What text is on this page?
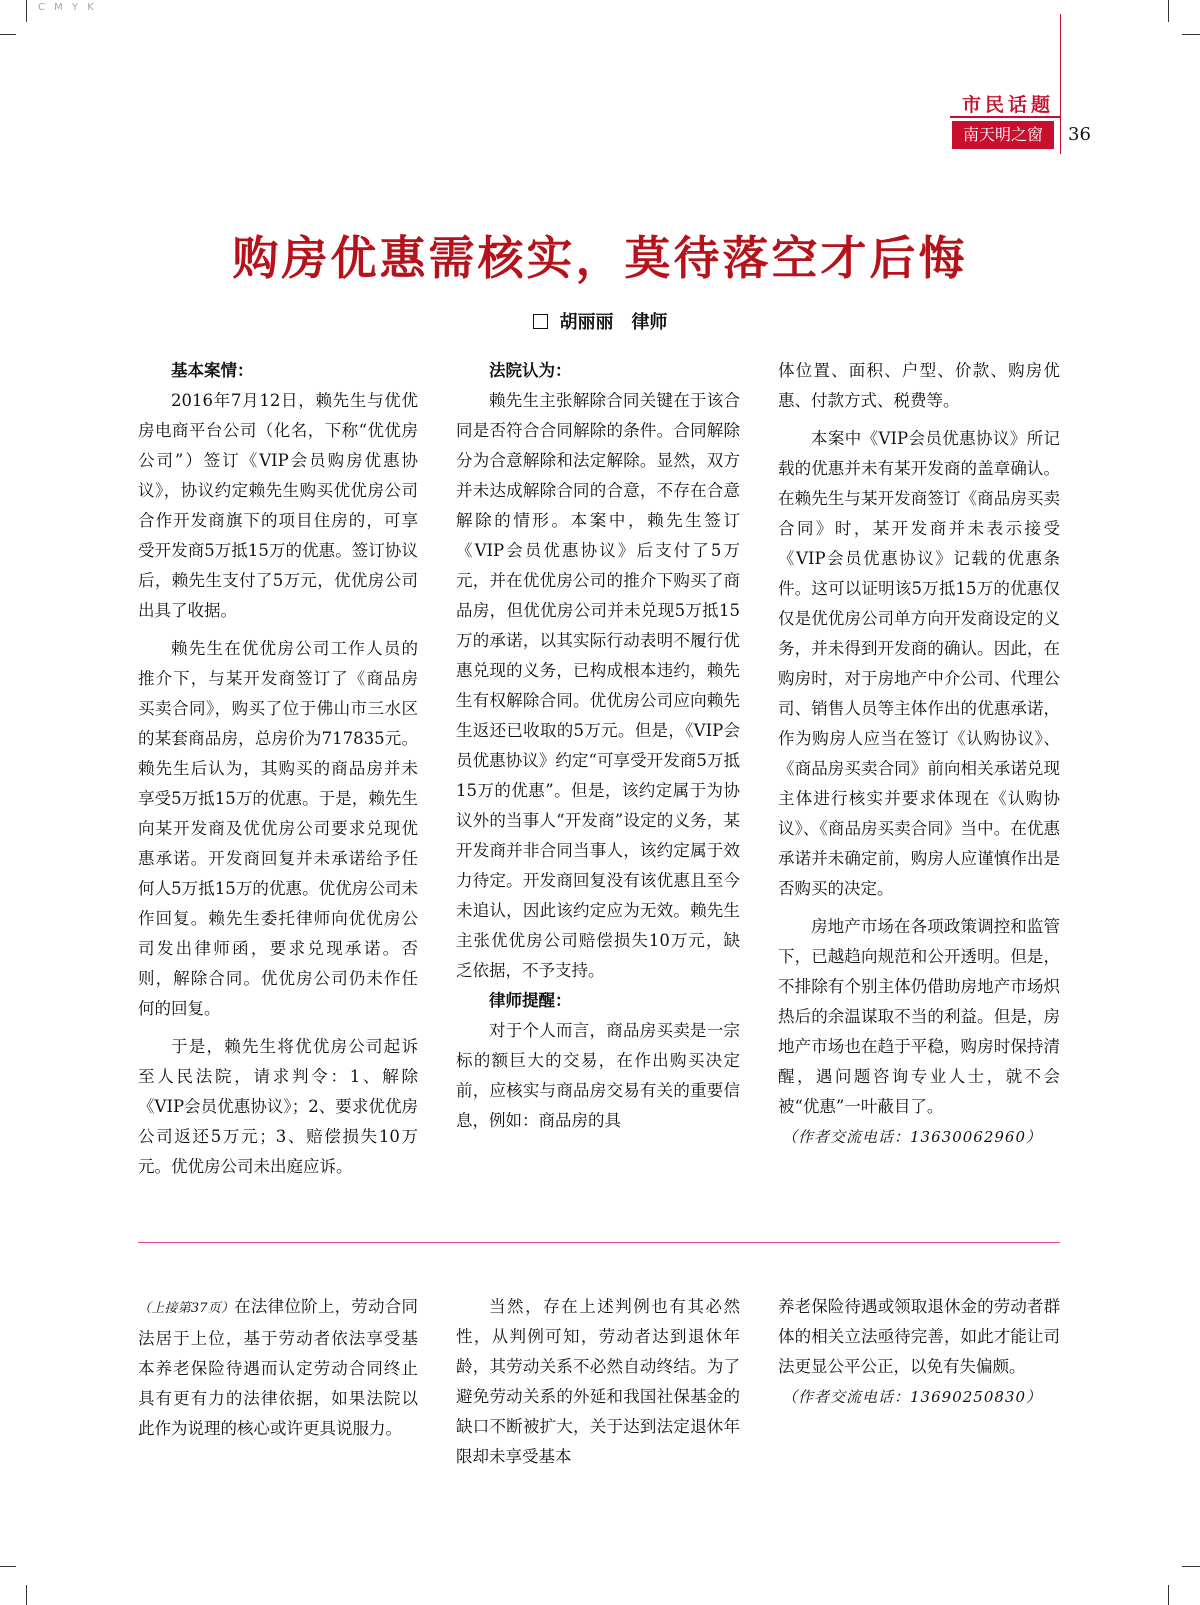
C M Y K
市民话题
南天明之窗	36
购房优惠需核实，莫待落空才后悔
胡丽丽　律师
基本案情：

2016年7月12日，赖先生与优优房电商平台公司（化名，下称“优优房公司”）签订《VIP会员购房优惠协议》，协议约定赖先生购买优优房公司合作开发商旗下的项目住房的，可享受开发商5万抵15万的优惠。签订协议后，赖先生支付了5万元，优优房公司出具了收据。

赖先生在优优房公司工作人员的推介下，与某开发商签订了《商品房买卖合同》，购买了位于佛山市三水区的某套商品房，总房价为717835元。赖先生后认为，其购买的商品房并未享受5万抵15万的优惠。于是，赖先生向某开发商及优优房公司要求兑现优惠承诺。开发商回复并未承诺给予任何人5万抵15万的优惠。优优房公司未作回复。赖先生委托律师向优优房公司发出律师函，要求兑现承诺。否则，解除合同。优优房公司仍未作任何的回复。

于是，赖先生将优优房公司起诉至人民法院，请求判令：1、解除《VIP会员优惠协议》；2、要求优优房公司返还5万元；3、赔偿损失10万元。优优房公司未出庭应诉。

法院认为：

赖先生主张解除合同关键在于该合同是否符合合同解除的条件。合同解除分为合意解除和法定解除。显然，双方并未达成解除合同的合意，不存在合意解除的情形。本案中，赖先生签订《VIP会员优惠协议》后支付了5万元，并在优优房公司的推介下购买了商品房，但优优房公司并未兑现5万抵15万的承诺，以其实际行动表明不履行优惠兑现的义务，已构成根本违约，赖先生有权解除合同。优优房公司应向赖先生返还已收取的5万元。但是，《VIP会员优惠协议》约定“可享受开发商5万抵15万的优惠”。但是，该约定属于为协议外的当事人“开发商”设定的义务，某开发商并非合同当事人，该约定属于效力待定。开发商回复没有该优惠且至今未追认，因此该约定应为无效。赖先生主张优优房公司赔偿损失10万元，缺乏依据，不予支持。

律师提醒：

对于个人而言，商品房买卖是一宗标的额巨大的交易，在作出购买决定前，应核实与商品房交易有关的重要信息，例如：商品房的具

体位置、面积、户型、价款、购房优惠、付款方式、税费等。

本案中《VIP会员优惠协议》所记载的优惠并未有某开发商的盖章确认。在赖先生与某开发商签订《商品房买卖合同》时，某开发商并未表示接受《VIP会员优惠协议》记载的优惠条件。这可以证明该5万抵15万的优惠仅仅是优优房公司单方向开发商设定的义务，并未得到开发商的确认。因此，在购房时，对于房地产中介公司、代理公司、销售人员等主体作出的优惠承诺，作为购房人应当在签订《认购协议》、《商品房买卖合同》前向相关承诺兑现主体进行核实并要求体现在《认购协议》、《商品房买卖合同》当中。在优惠承诺并未确定前，购房人应谨慎作出是否购买的决定。

房地产市场在各项政策调控和监管下，已越趋向规范和公开透明。但是，不排除有个别主体仍借助房地产市场炽热后的余温谋取不当的利益。但是，房地产市场也在趋于平稳，购房时保持清醒，遇问题咨询专业人士，就不会被“优惠”一叶蔽目了。

（作者交流电话：13630062960）

（上接第37页）在法律位阶上，劳动合同法居于上位，基于劳动者依法享受基本养老保险待遇而认定劳动合同终止具有更有力的法律依据，如果法院以此作为说理的核心或许更具说服力。

当然，存在上述判例也有其必然性，从判例可知，劳动者达到退休年龄，其劳动关系不必然自动终结。为了避免劳动关系的外延和我国社保基金的缺口不断被扩大，关于达到法定退休年限却未享受基本

养老保险待遇或领取退休金的劳动者群体的相关立法亟待完善，如此才能让司法更显公平公正，以免有失偏颇。

（作者交流电话：13690250830）
